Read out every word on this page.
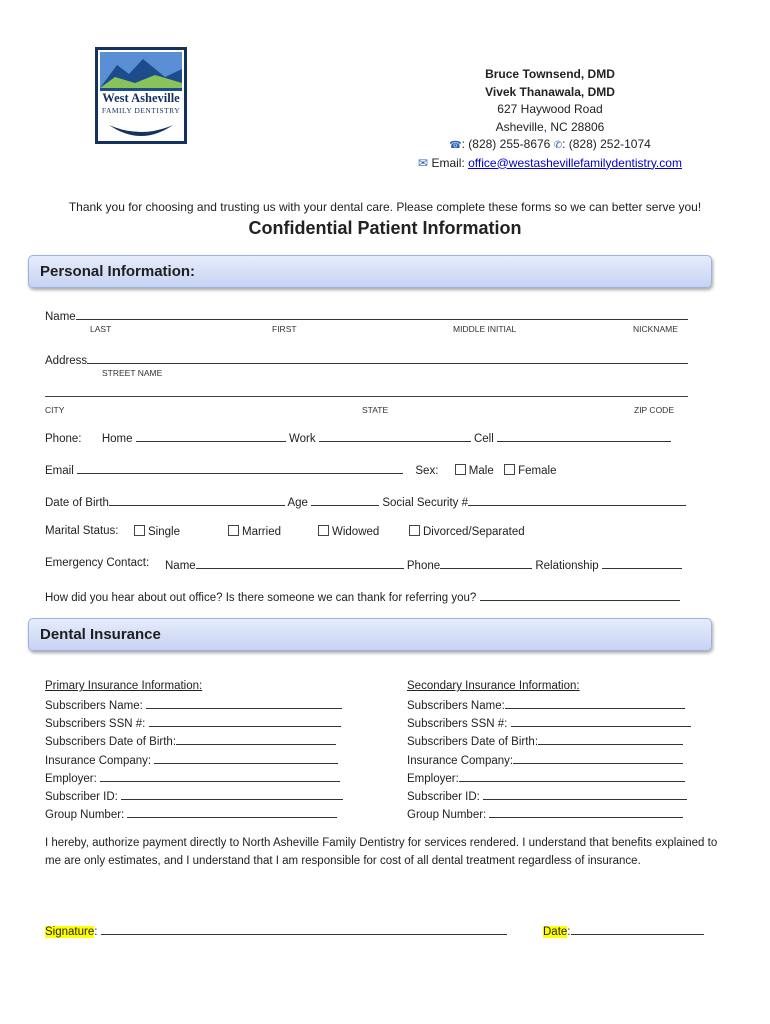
West Asheville
FAMILY DENTISTRY
Bruce Townsend, DMD
Vivek Thanawala, DMD
627 Haywood Road
Asheville, NC 28806
☎: (828) 255-8676 ✆: (828) 252-1074
✉ Email: office@westashevillefamilydentistry.com
Thank you for choosing and trusting us with your dental care. Please complete these forms so we can better serve you!
Confidential Patient Information
Personal Information:
Name
LAST	FIRST	MIDDLE INITIAL	NICKNAME
Address
STREET NAME
CITY	STATE	ZIP CODE
Phone: Home	Work	Cell
Email	Sex:	Male Female
Date of Birth	Age	Social Security #
Marital Status:	Single	Married	Widowed	Divorced/Separated
Emergency Contact: Name	Phone	Relationship
How did you hear about out office? Is there someone we can thank for referring you?
Dental Insurance
Primary Insurance Information:
Subscribers Name:
Subscribers SSN #:
Subscribers Date of Birth:
Insurance Company:
Employer:
Subscriber ID:
Group Number:
Secondary Insurance Information:
Subscribers Name:
Subscribers SSN #:
Subscribers Date of Birth:
Insurance Company:
Employer:
Subscriber ID:
Group Number:
I hereby, authorize payment directly to North Asheville Family Dentistry for services rendered. I understand that benefits explained to me are only estimates, and I understand that I am responsible for cost of all dental treatment regardless of insurance.
Signature:	Date:
